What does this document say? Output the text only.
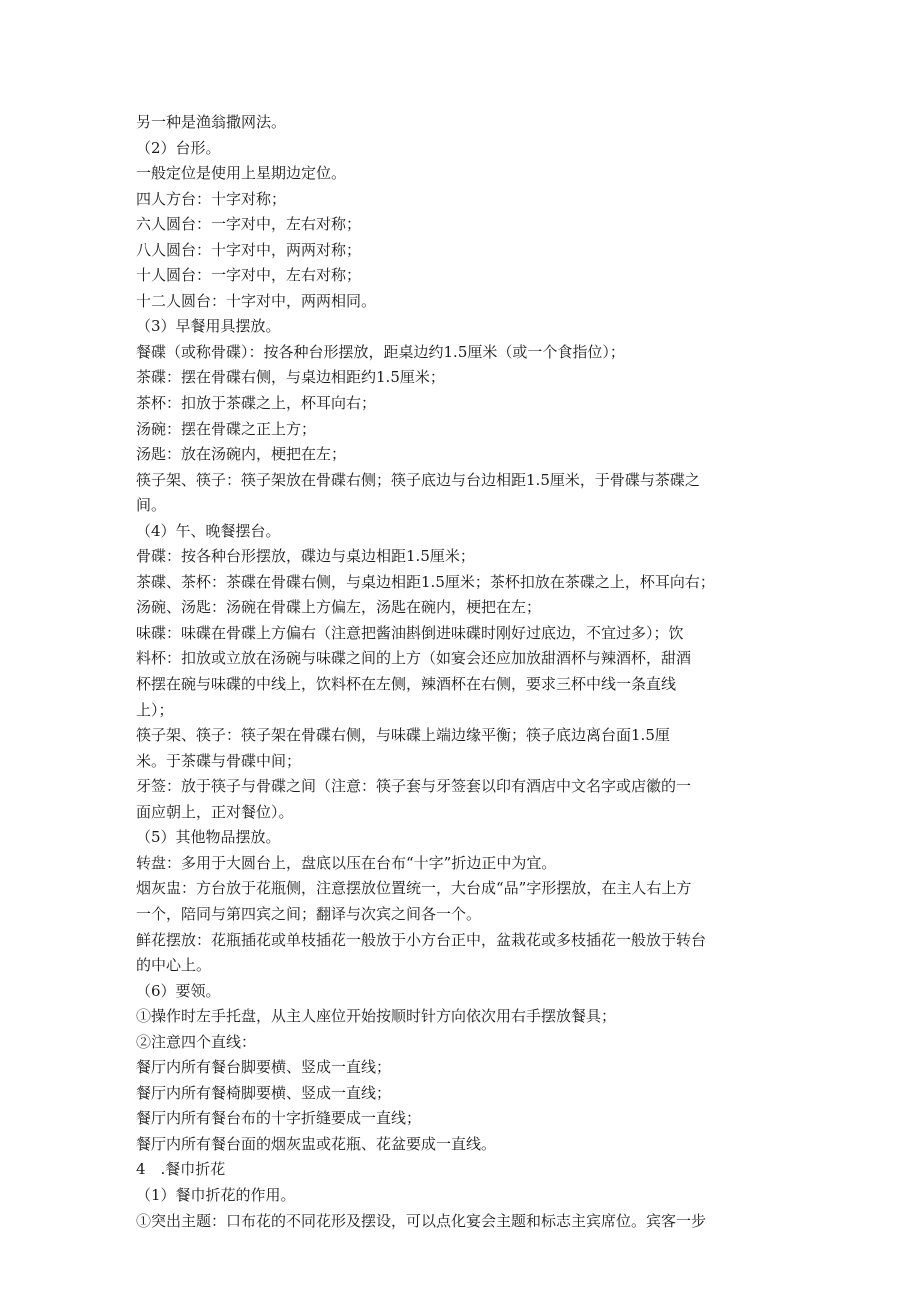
另一种是渔翁撒网法。
（2）台形。
一般定位是使用上星期边定位。
四人方台：十字对称；
六人圆台：一字对中，左右对称；
八人圆台：十字对中，两两对称；
十人圆台：一字对中，左右对称；
十二人圆台：十字对中，两两相同。
（3）早餐用具摆放。
餐碟（或称骨碟）：按各种台形摆放，距桌边约1.5厘米（或一个食指位）；
茶碟：摆在骨碟右侧，与桌边相距约1.5厘米；
茶杯：扣放于茶碟之上，杯耳向右；
汤碗：摆在骨碟之正上方；
汤匙：放在汤碗内，梗把在左；
筷子架、筷子：筷子架放在骨碟右侧；筷子底边与台边相距1.5厘米，于骨碟与茶碟之
间。
（4）午、晚餐摆台。
骨碟：按各种台形摆放，碟边与桌边相距1.5厘米；
茶碟、茶杯：茶碟在骨碟右侧，与桌边相距1.5厘米；茶杯扣放在茶碟之上，杯耳向右；
汤碗、汤匙：汤碗在骨碟上方偏左，汤匙在碗内，梗把在左；
味碟：味碟在骨碟上方偏右（注意把酱油斟倒进味碟时刚好过底边，不宜过多）；饮
料杯：扣放或立放在汤碗与味碟之间的上方（如宴会还应加放甜酒杯与辣酒杯，甜酒
杯摆在碗与味碟的中线上，饮料杯在左侧，辣酒杯在右侧，要求三杯中线一条直线
上）；
筷子架、筷子：筷子架在骨碟右侧，与味碟上端边缘平衡；筷子底边离台面1.5厘
米。于茶碟与骨碟中间；
牙签：放于筷子与骨碟之间（注意：筷子套与牙签套以印有酒店中文名字或店徽的一
面应朝上，正对餐位）。
（5）其他物品摆放。
转盘：多用于大圆台上，盘底以压在台布“十字”折边正中为宜。
烟灰盅：方台放于花瓶侧，注意摆放位置统一，大台成“品”字形摆放，在主人右上方
一个，陪同与第四宾之间；翻译与次宾之间各一个。
鲜花摆放：花瓶插花或单枝插花一般放于小方台正中，盆栽花或多枝插花一般放于转台
的中心上。
（6）要领。
①操作时左手托盘，从主人座位开始按顺时针方向依次用右手摆放餐具；
②注意四个直线：
餐厅内所有餐台脚要横、竖成一直线；
餐厅内所有餐椅脚要横、竖成一直线；
餐厅内所有餐台布的十字折缝要成一直线；
餐厅内所有餐台面的烟灰盅或花瓶、花盆要成一直线。
4　.餐巾折花
（1）餐巾折花的作用。
①突出主题：口布花的不同花形及摆设，可以点化宴会主题和标志主宾席位。宾客一步
